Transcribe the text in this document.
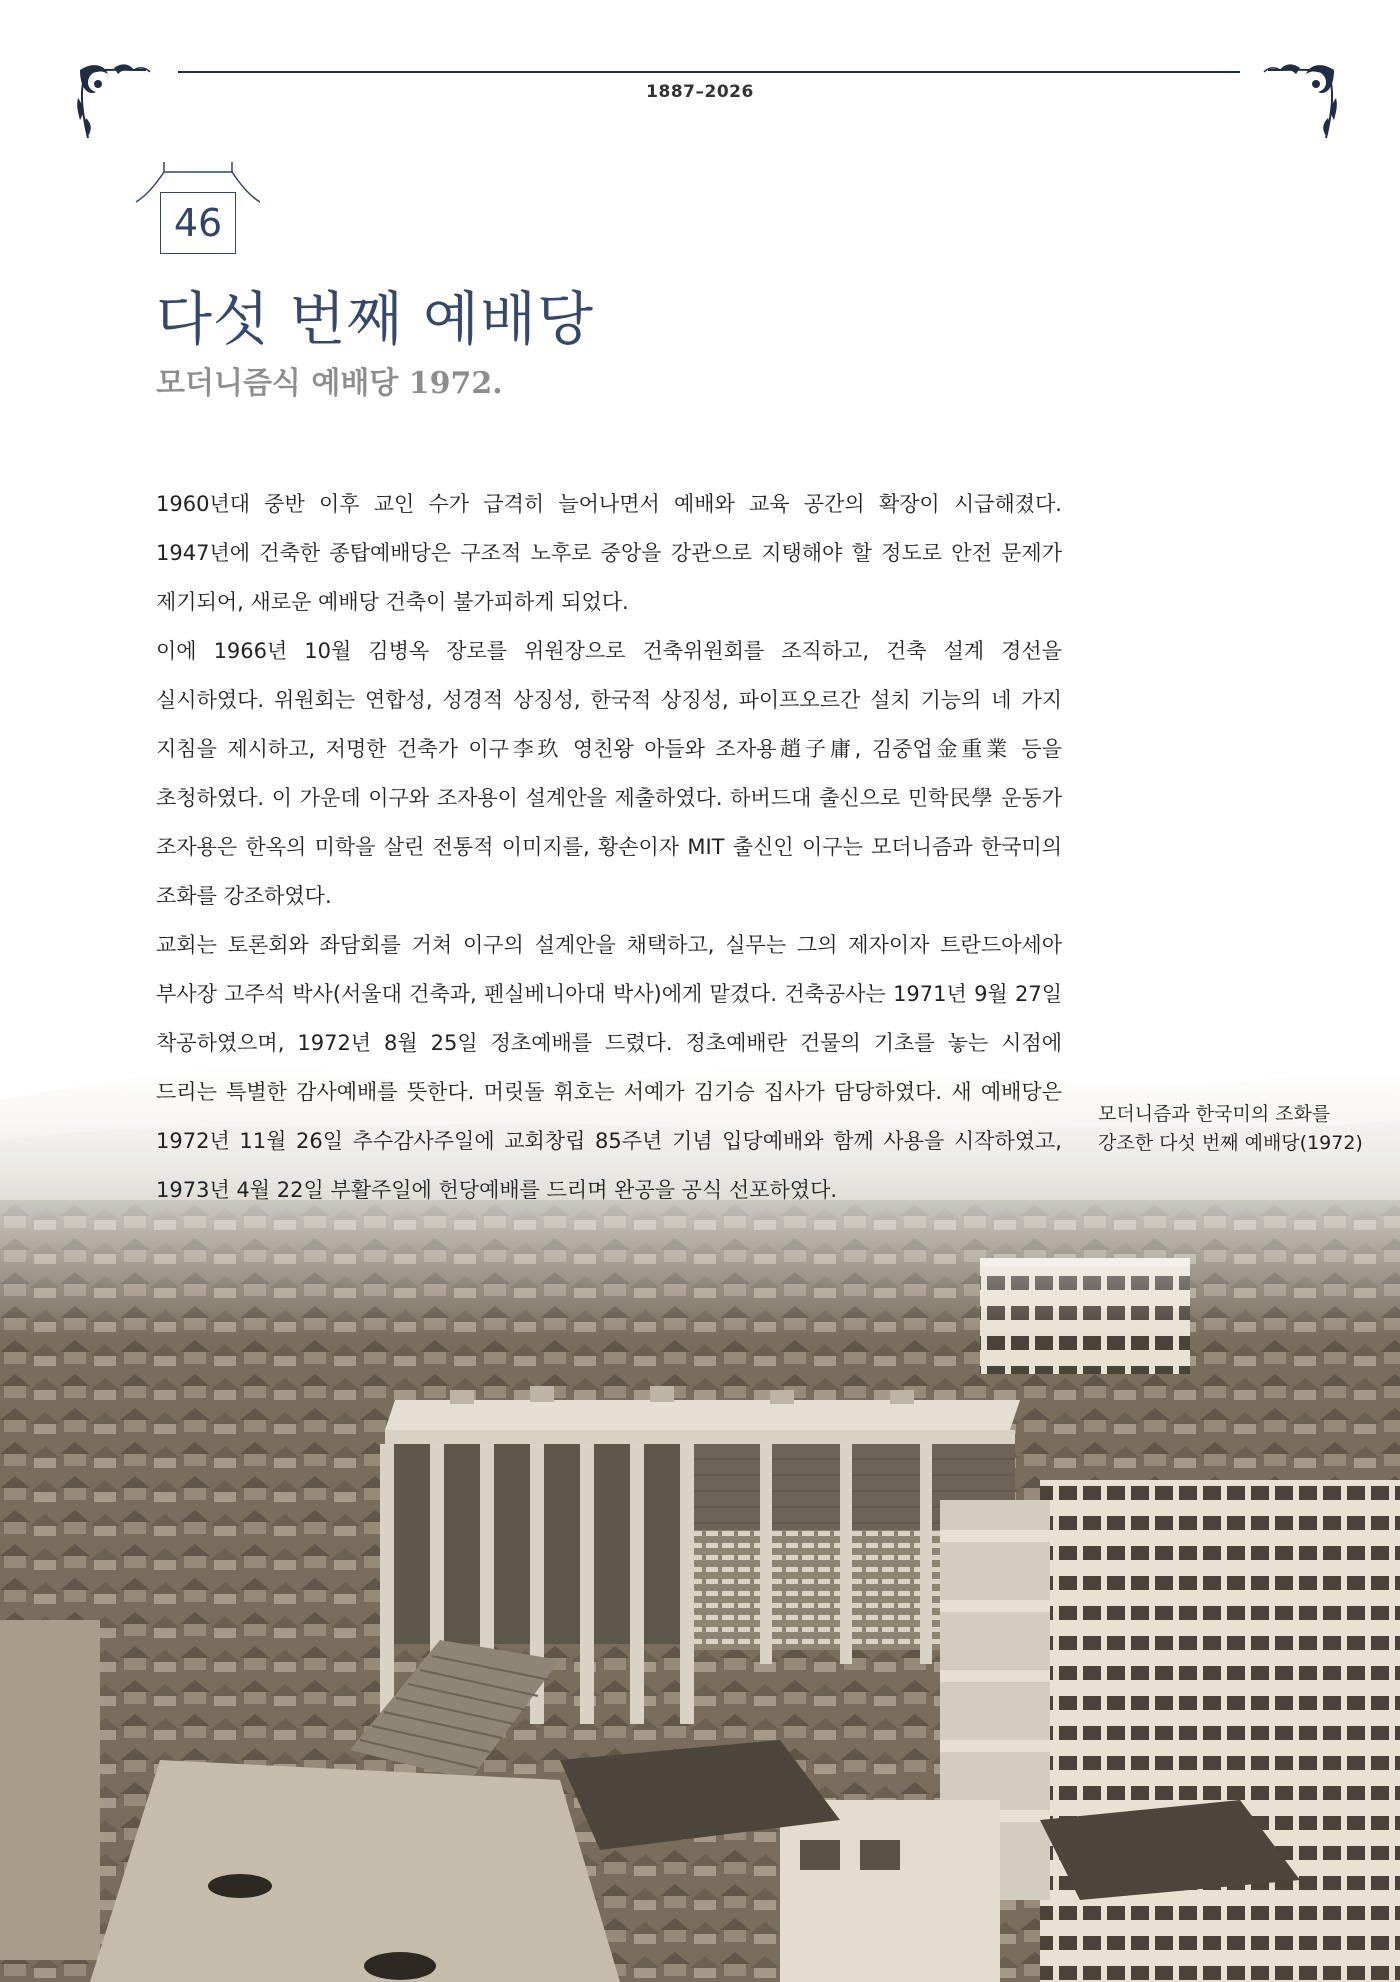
1887–2026
46
다섯 번째 예배당
모더니즘식 예배당 1972.

1960년대 중반 이후 교인 수가 급격히 늘어나면서 예배와 교육 공간의 확장이 시급해졌다. 1947년에 건축한 종탑예배당은 구조적 노후로 중앙을 강관으로 지탱해야 할 정도로 안전 문제가 제기되어, 새로운 예배당 건축이 불가피하게 되었다.

이에 1966년 10월 김병옥 장로를 위원장으로 건축위원회를 조직하고, 건축 설계 경선을 실시하였다. 위원회는 연합성, 성경적 상징성, 한국적 상징성, 파이프오르간 설치 기능의 네 가지 지침을 제시하고, 저명한 건축가 이구李玖 영친왕 아들와 조자용趙子庸, 김중업金重業 등을 초청하였다. 이 가운데 이구와 조자용이 설계안을 제출하였다. 하버드대 출신으로 민학民學 운동가 조자용은 한옥의 미학을 살린 전통적 이미지를, 황손이자 MIT 출신인 이구는 모더니즘과 한국미의 조화를 강조하였다.

교회는 토론회와 좌담회를 거쳐 이구의 설계안을 채택하고, 실무는 그의 제자이자 트란드아세아 부사장 고주석 박사(서울대 건축과, 펜실베니아대 박사)에게 맡겼다. 건축공사는 1971년 9월 27일 착공하였으며, 1972년 8월 25일 정초예배를 드렸다. 정초예배란 건물의 기초를 놓는 시점에 드리는 특별한 감사예배를 뜻한다. 머릿돌 휘호는 서예가 김기승 집사가 담당하였다. 새 예배당은 1972년 11월 26일 추수감사주일에 교회창립 85주년 기념 입당예배와 함께 사용을 시작하였고, 1973년 4월 22일 부활주일에 헌당예배를 드리며 완공을 공식 선포하였다.

모더니즘과 한국미의 조화를
강조한 다섯 번째 예배당(1972)
